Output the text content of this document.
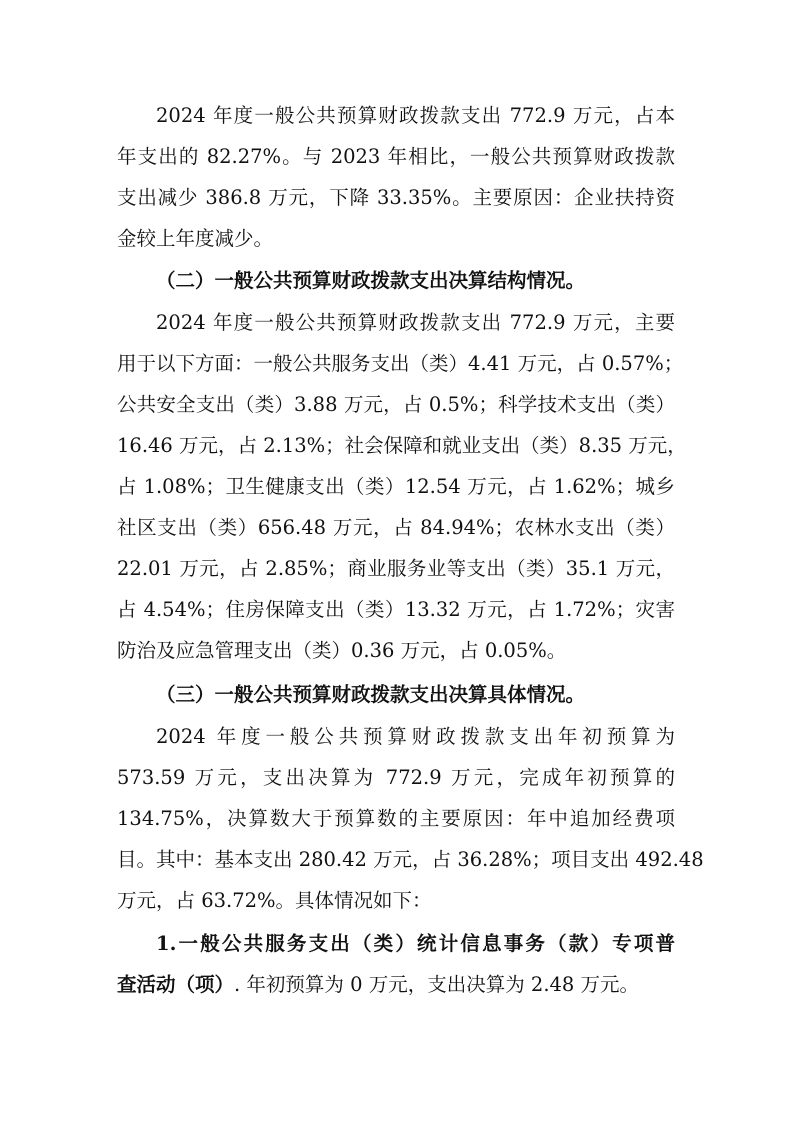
2024 年度一般公共预算财政拨款支出 772.9 万元，占本
年支出的 82.27%。与 2023 年相比，一般公共预算财政拨款
支出减少 386.8 万元，下降 33.35%。主要原因：企业扶持资
金较上年度减少。
（二）一般公共预算财政拨款支出决算结构情况。
2024 年度一般公共预算财政拨款支出 772.9 万元，主要
用于以下方面：一般公共服务支出（类）4.41 万元，占 0.57%；
公共安全支出（类）3.88 万元，占 0.5%；科学技术支出（类）
16.46 万元，占 2.13%；社会保障和就业支出（类）8.35 万元，
占 1.08%；卫生健康支出（类）12.54 万元，占 1.62%；城乡
社区支出（类）656.48 万元，占 84.94%；农林水支出（类）
22.01 万元，占 2.85%；商业服务业等支出（类）35.1 万元，
占 4.54%；住房保障支出（类）13.32 万元，占 1.72%；灾害
防治及应急管理支出（类）0.36 万元，占 0.05%。
（三）一般公共预算财政拨款支出决算具体情况。
2024 年度一般公共预算财政拨款支出年初预算为
573.59 万元，支出决算为 772.9 万元，完成年初预算的
134.75%，决算数大于预算数的主要原因：年中追加经费项
目。其中：基本支出 280.42 万元，占 36.28%；项目支出 492.48
万元，占 63.72%。具体情况如下：
1.一般公共服务支出（类）统计信息事务（款）专项普
查活动（项）. 年初预算为 0 万元，支出决算为 2.48 万元。
